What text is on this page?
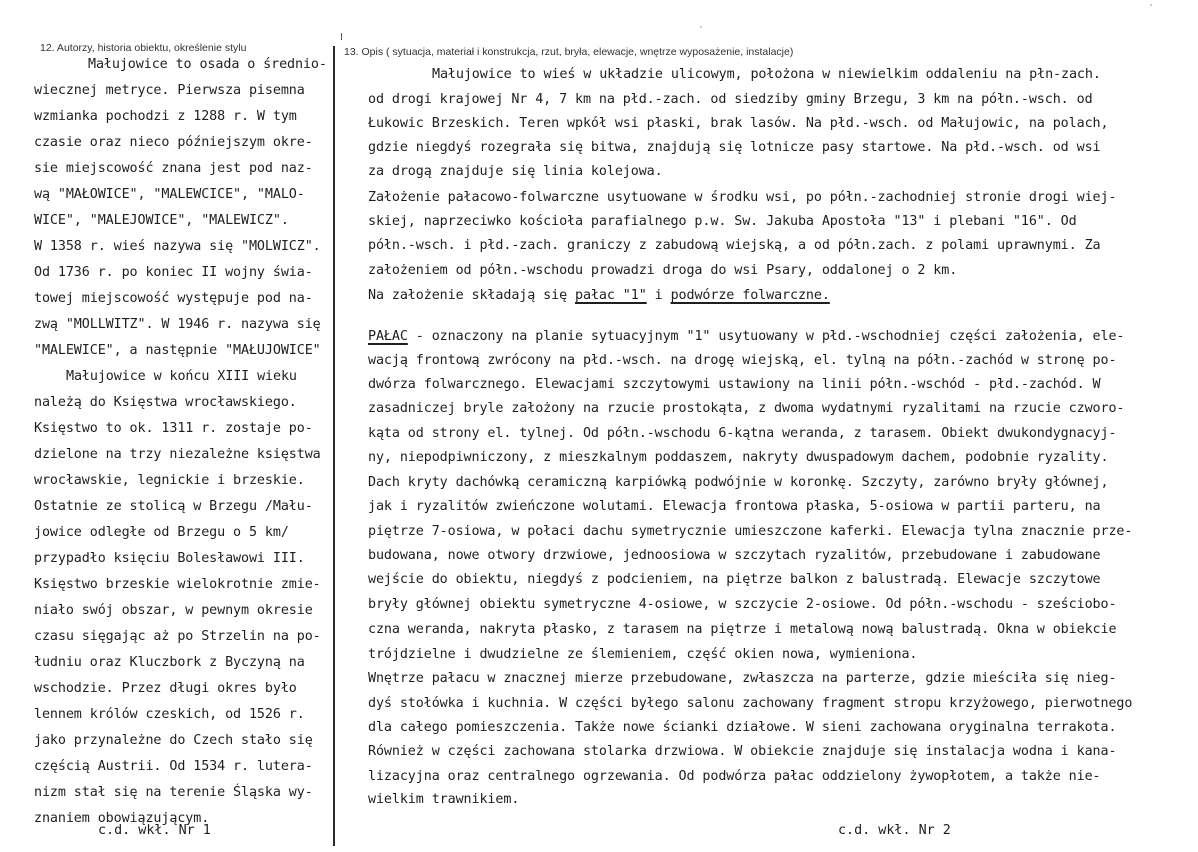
12. Autorzy, historia obiektu, określenie stylu	13. Opis ( sytuacja, materiał i konstrukcja, rzut, bryła, elewacje, wnętrze wyposażenie, instalacje)
Małujowice to osada o średnio-
wiecznej metryce. Pierwsza pisemna
wzmianka pochodzi z 1288 r. W tym
czasie oraz nieco późniejszym okre-
sie miejscowość znana jest pod naz-
wą "MAŁOWICE", "MALEWCICE", "MALO-
WICE", "MALEJOWICE", "MALEWICZ".
W 1358 r. wieś nazywa się "MOLWICZ".
Od 1736 r. po koniec II wojny świa-
towej miejscowość występuje pod na-
zwą "MOLLWITZ". W 1946 r. nazywa się
"MALEWICE", a następnie "MAŁUJOWICE"
Małujowice w końcu XIII wieku
należą do Księstwa wrocławskiego.
Księstwo to ok. 1311 r. zostaje po-
dzielone na trzy niezależne księstwa
wrocławskie, legnickie i brzeskie.
Ostatnie ze stolicą w Brzegu /Mału-
jowice odległe od Brzegu o 5 km/
przypadło księciu Bolesławowi III.
Księstwo brzeskie wielokrotnie zmie-
niało swój obszar, w pewnym okresie
czasu sięgając aż po Strzelin na po-
łudniu oraz Kluczbork z Byczyną na
wschodzie. Przez długi okres było
lennem królów czeskich, od 1526 r.
jako przynależne do Czech stało się
częścią Austrii. Od 1534 r. lutera-
nizm stał się na terenie Śląska wy-
znaniem obowiązującym.
Na założenie składają się pałac "1" i podwórze folwarczne.
PAŁAC - oznaczony na planie sytuacyjnym "1" usytuowany w płd.-wschodniej części założenia, ele-
Małujowice to wieś w układzie ulicowym, położona w niewielkim oddaleniu na płn-zach.
od drogi krajowej Nr 4, 7 km na płd.-zach. od siedziby gminy Brzegu, 3 km na półn.-wsch. od
Łukowic Brzeskich. Teren wpkół wsi płaski, brak lasów. Na płd.-wsch. od Małujowic, na polach,
gdzie niegdyś rozegrała się bitwa, znajdują się lotnicze pasy startowe. Na płd.-wsch. od wsi
za drogą znajduje się linia kolejowa.
Założenie pałacowo-folwarczne usytuowane w środku wsi, po półn.-zachodniej stronie drogi wiej-
skiej, naprzeciwko kościoła parafialnego p.w. Sw. Jakuba Apostoła "13" i plebani "16". Od
półn.-wsch. i płd.-zach. graniczy z zabudową wiejską, a od półn.zach. z polami uprawnymi. Za
założeniem od półn.-wschodu prowadzi droga do wsi Psary, oddalonej o 2 km.
wacją frontową zwrócony na płd.-wsch. na drogę wiejską, el. tylną na półn.-zachód w stronę po-
dwórza folwarcznego. Elewacjami szczytowymi ustawiony na linii półn.-wschód - płd.-zachód. W
zasadniczej bryle założony na rzucie prostokąta, z dwoma wydatnymi ryzalitami na rzucie czworo-
kąta od strony el. tylnej. Od półn.-wschodu 6-kątna weranda, z tarasem. Obiekt dwukondygnacyj-
ny, niepodpiwniczony, z mieszkalnym poddaszem, nakryty dwuspadowym dachem, podobnie ryzality.
Dach kryty dachówką ceramiczną karpiówką podwójnie w koronkę. Szczyty, zarówno bryły głównej,
jak i ryzalitów zwieńczone wolutami. Elewacja frontowa płaska, 5-osiowa w partii parteru, na
piętrze 7-osiowa, w połaci dachu symetrycznie umieszczone kaferki. Elewacja tylna znacznie prze-
budowana, nowe otwory drzwiowe, jednoosiowa w szczytach ryzalitów, przebudowane i zabudowane
wejście do obiektu, niegdyś z podcieniem, na piętrze balkon z balustradą. Elewacje szczytowe
bryły głównej obiektu symetryczne 4-osiowe, w szczycie 2-osiowe. Od półn.-wschodu - sześciobo-
czna weranda, nakryta płasko, z tarasem na piętrze i metalową nową balustradą. Okna w obiekcie
trójdzielne i dwudzielne ze ślemieniem, część okien nowa, wymieniona.
Wnętrze pałacu w znacznej mierze przebudowane, zwłaszcza na parterze, gdzie mieściła się nieg-
dyś stołówka i kuchnia. W części byłego salonu zachowany fragment stropu krzyżowego, pierwotnego
dla całego pomieszczenia. Także nowe ścianki działowe. W sieni zachowana oryginalna terrakota.
Również w części zachowana stolarka drzwiowa. W obiekcie znajduje się instalacja wodna i kana-
lizacyjna oraz centralnego ogrzewania. Od podwórza pałac oddzielony żywopłotem, a także nie-
wielkim trawnikiem.
c.d. wkł. Nr 1	c.d. wkł. Nr 2
